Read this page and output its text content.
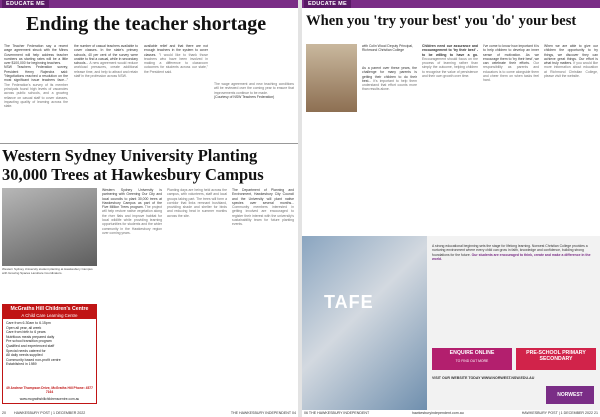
EDUCATE ME
Ending the teacher shortage
The Teacher Federation say a recent wage agreement struck with the Minns Government will help address teacher numbers as starting rates will be a little over $100,000 for beginning teachers.
NSW Teachers Federation survey, President Henry Rajendra said: "Negotiations reached a resolution on the most significant issue teachers face..." The Federation's survey of its member principals found high levels of vacancies across public schools, and a growing reliance on casual staff to cover classes, impacting quality of learning across the state.
the number of casual teachers available to cover classes. In the state's primary schools, 40 per cent of the survey were unable to find a casual, while in secondary schools... A new agreement would reduce workload pressures, create additional release time, and help to attract and retain staff in the profession across NSW.
available relief and that there are not enough teachers in the system to cover classes. "I would like to thank those teachers who have been involved in making a difference to classroom outcomes for students across our state," the President said.
The wage agreement and new teaching conditions will be reviewed over the coming year to ensure that improvements continue to be made.
(Courtesy of NSW Teachers Federation)
Western Sydney University Planting
30,000 Trees at Hawkesbury Campus
Western Sydney University student planting at Hawkesbury Campus with Growing Spaces Landcare Coordinators.
Western Sydney University is partnering with Greening Our City and local councils to plant 30,000 trees at Hawkesbury Campus as part of the Five Million Trees program. The project will help restore native vegetation along the river flats and improve habitat for local wildlife while providing learning opportunities for students and the wider community in the Hawkesbury region over coming years.
Planting days are being held across the campus, with volunteers, staff and local groups taking part. The trees will form a corridor that links remnant bushland, providing shade and shelter for birds and reducing heat in summer months across the site.
The Department of Planning and Environment, Hawkesbury City Council and the University will plant native species over several months... Community members interested in getting involved are encouraged to register their interest with the university's sustainability team for future planting events.
McGraths Hill Children's Centre
A Child Care Learning Centre
Care from 6.30am to 6.15pm
Open all year, all week
Care from birth to 6 years
Nutritious meals prepared daily
Pre school transition program
Qualified and experienced staff
Special needs catered for
All daily needs supplied
Community based non-profit centre
Established in 1989
49 Andrew Thompson Drive, McGraths Hill Phone: 4577 7164
www.mcgrathshillchildrenscentre.com.au
20 HAWKESBURY POST | 1 DECEMBER 2022	THE HAWKESBURY INDEPENDENT 04
EDUCATE ME
When you 'try your best' you 'do' your best
with Colin Wood Deputy Principal, Richmond Christian College
As a parent over these years, the challenge for many parents is getting their children to do their best... It's important to help them understand that effort counts more than results alone.
Children need our assurance and encouragement to 'try their best' - to be willing to have a go. Encouragement should focus on the process of learning rather than simply the outcome, helping children to recognise the value of persistence and their own growth over time.
I've come to know how important it is to help children to develop an inner sense of motivation. As we encourage them to 'try their best', we can celebrate their efforts. Our responsibility as parents and educators is to come alongside them and cheer them on when tasks feel hard.
When we are able to give our children the opportunity to try things, we discover they can achieve great things. Our effort is what truly matters. If you would like more information about education at Richmond Christian College, please visit the website.
TAFE
A strong educational beginning sets the stage for lifelong learning. Norwest Christian College provides a nurturing environment where every child can grow in faith, knowledge and confidence, building strong foundations for the future. Our students are encouraged to think, create and make a difference in the world.
ENQUIRE ONLINE
TO FIND OUT MORE
PRE-SCHOOL PRIMARY SECONDARY
VISIT OUR WEBSITE TODAY WWW.NORWEST.NSW.EDU.AU
NORWEST
06 THE HAWKESBURY INDEPENDENT	hawkesburyindependent.com.au	HAWKESBURY POST | 1 DECEMBER 2022 21
